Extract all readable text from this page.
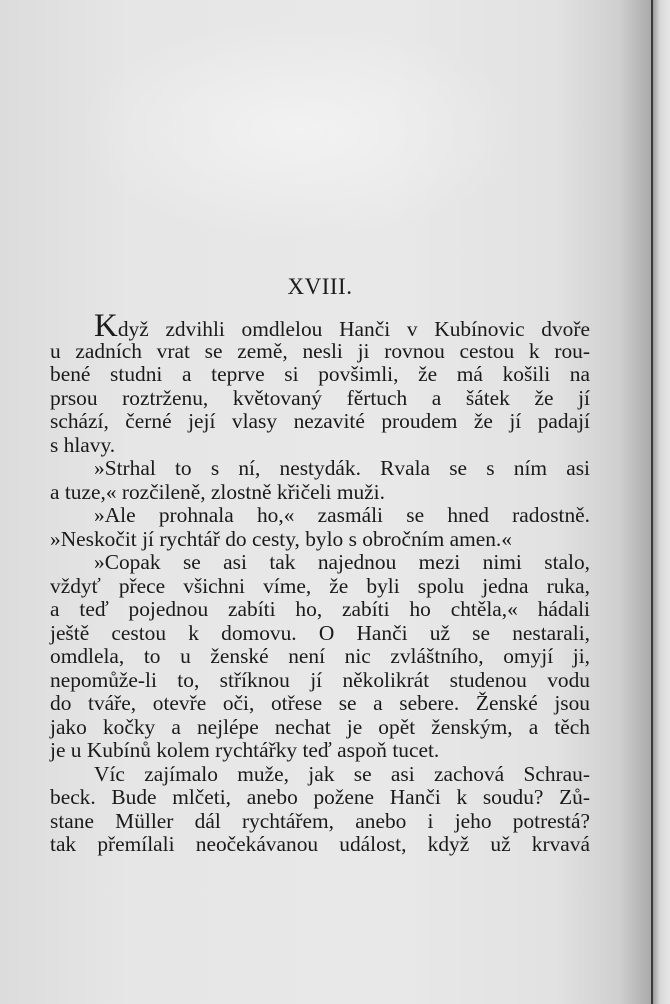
XVIII.
Když zdvihli omdlelou Hanči v Kubínovic dvoře
u zadních vrat se země, nesli ji rovnou cestou k rou-
bené studni a teprve si povšimli, že má košili na
prsou roztrženu, květovaný fěrtuch a šátek že jí
schází, černé její vlasy nezavité proudem že jí padají
s hlavy.
»Strhal to s ní, nestydák. Rvala se s ním asi
a tuze,« rozčileně, zlostně křičeli muži.
»Ale prohnala ho,« zasmáli se hned radostně.
»Neskočit jí rychtář do cesty, bylo s obročním amen.«
»Copak se asi tak najednou mezi nimi stalo,
vždyť přece všichni víme, že byli spolu jedna ruka,
a teď pojednou zabíti ho, zabíti ho chtěla,« hádali
ještě cestou k domovu. O Hanči už se nestarali,
omdlela, to u ženské není nic zvláštního, omyjí ji,
nepomůže-li to, stříknou jí několikrát studenou vodu
do tváře, otevře oči, otřese se a sebere. Ženské jsou
jako kočky a nejlépe nechat je opět ženským, a těch
je u Kubínů kolem rychtářky teď aspoň tucet.
Víc zajímalo muže, jak se asi zachová Schrau-
beck. Bude mlčeti, anebo požene Hanči k soudu? Zů-
stane Müller dál rychtářem, anebo i jeho potrestá?
tak přemílali neočekávanou událost, když už krvavá
